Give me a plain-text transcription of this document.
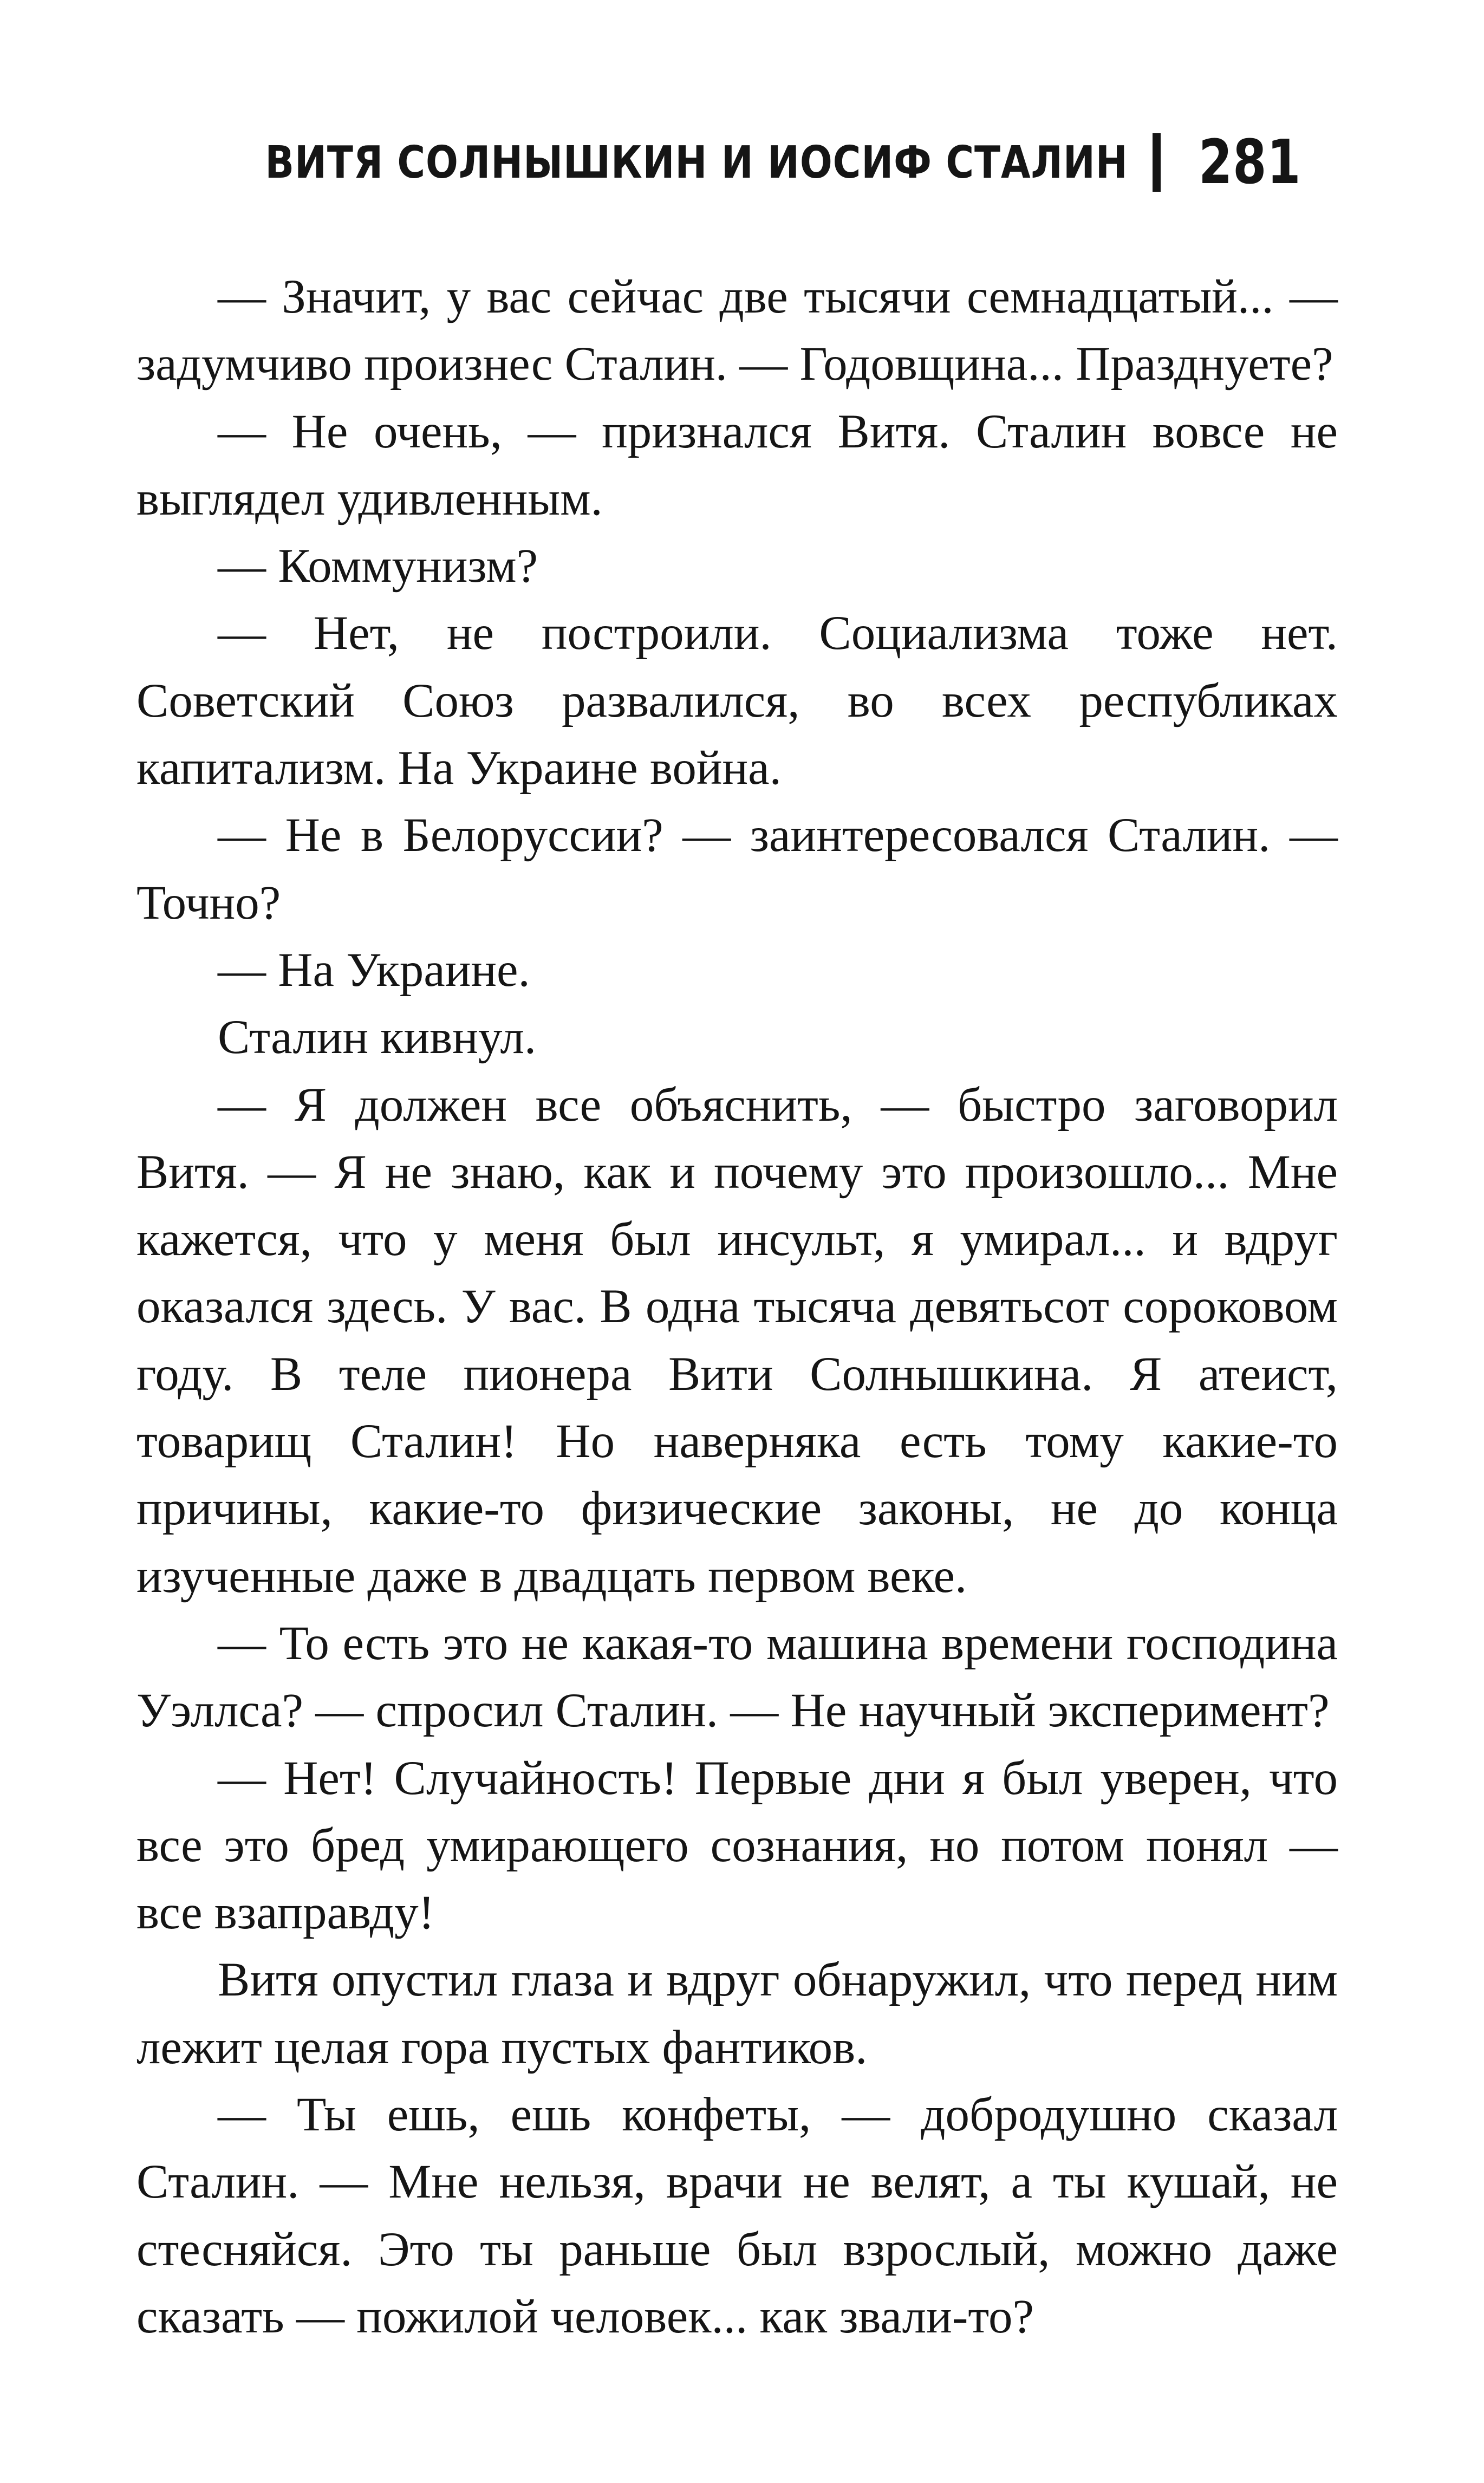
ВИТЯ СОЛНЫШКИН И ИОСИФ СТАЛИН 281

— Значит, у вас сейчас две тысячи семнадцатый... — задумчиво произнес Сталин. — Годовщина... Празднуете?

— Не очень, — признался Витя. Сталин вовсе не выглядел удивленным.

— Коммунизм?

— Нет, не построили. Социализма тоже нет. Советский Союз развалился, во всех республиках капитализм. На Украине война.

— Не в Белоруссии? — заинтересовался Сталин. — Точно?

— На Украине.

Сталин кивнул.

— Я должен все объяснить, — быстро заговорил Витя. — Я не знаю, как и почему это произошло... Мне кажется, что у меня был инсульт, я умирал... и вдруг оказался здесь. У вас. В одна тысяча девятьсот сороковом году. В теле пионера Вити Солнышкина. Я атеист, товарищ Сталин! Но наверняка есть тому какие-то причины, какие-то физические законы, не до конца изученные даже в двадцать первом веке.

— То есть это не какая-то машина времени господина Уэллса? — спросил Сталин. — Не научный эксперимент?

— Нет! Случайность! Первые дни я был уверен, что все это бред умирающего сознания, но потом понял — все взаправду!

Витя опустил глаза и вдруг обнаружил, что перед ним лежит целая гора пустых фантиков.

— Ты ешь, ешь конфеты, — добродушно сказал Сталин. — Мне нельзя, врачи не велят, а ты кушай, не стесняйся. Это ты раньше был взрослый, можно даже сказать — пожилой человек... как звали-то?
